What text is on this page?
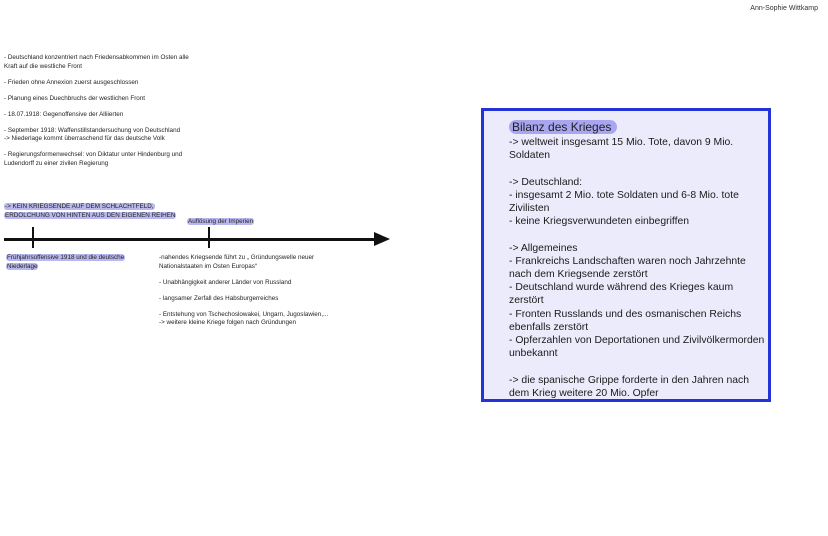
Ann-Sophie Wittkamp

- Deutschland konzentriert nach Friedensabkommen im Osten alle Kraft auf die westliche Front

- Frieden ohne Annexion zuerst ausgeschlossen

- Planung eines Duechbruchs der westlichen Front

- 18.07.1918: Gegenoffensive der Alliierten

- September 1918: Waffenstillstandersuchung von Deutschland
-> Niederlage kommt überraschend für das deutsche Volk

- Regierungsformenwechsel: von Diktatur unter Hindenburg und Ludendorff zu einer zivilen Regierung

-> KEIN KRIEGSENDE AUF DEM SCHLACHTFELD, ERDOLCHUNG VON HINTEN AUS DEN EIGENEN REIHEN
Frühjahrsoffensive 1918 und die deutsche Niederlage
Auflösung der Imperien

-nahendes Kriegsende führt zu „ Gründungswelle neuer Nationalstaaten im Osten Europas“

- Unabhängigkeit anderer Länder von Russland

- langsamer Zerfall des Habsburgerreiches

- Entstehung von Tschechoslowakei, Ungarn, Jugoslawien,...
-> weitere kleine Kriege folgen nach Gründungen

Bilanz des Krieges
-> weltweit insgesamt 15 Mio. Tote, davon 9 Mio. Soldaten
-> Deutschland:
- insgesamt 2 Mio. tote Soldaten und 6-8 Mio. tote Zivilisten
- keine Kriegsverwundeten einbegriffen
-> Allgemeines
- Frankreichs Landschaften waren noch Jahrzehnte nach dem Kriegsende zerstört
- Deutschland wurde während des Krieges kaum zerstört
- Fronten Russlands und des osmanischen Reichs ebenfalls zerstört
- Opferzahlen von Deportationen und Zivilvölkermorden unbekannt
-> die spanische Grippe forderte in den Jahren nach dem Krieg weitere 20 Mio. Opfer
